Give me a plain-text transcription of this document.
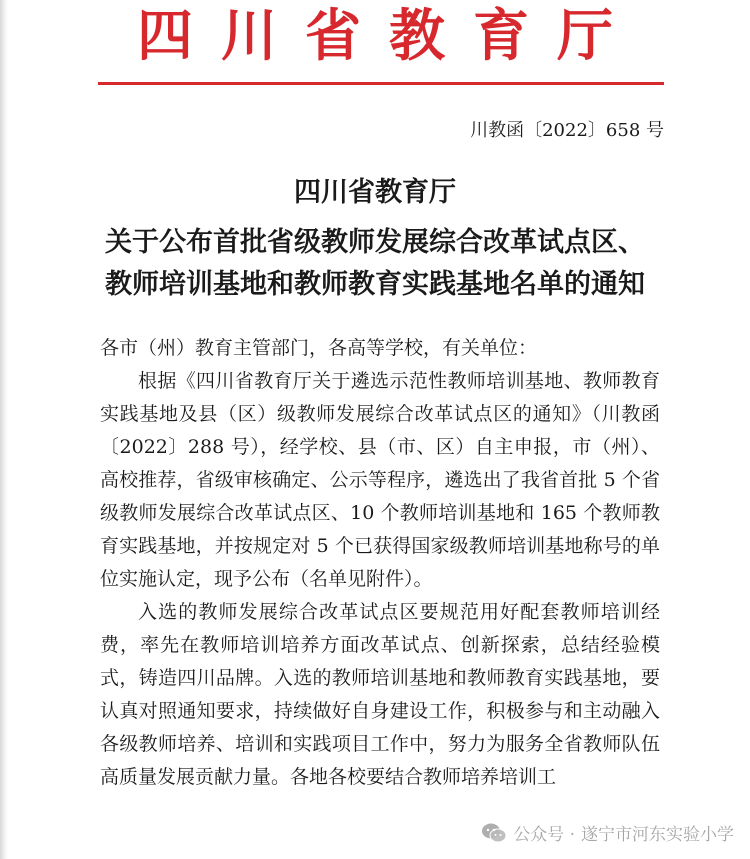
四川省教育厅
川教函〔2022〕658 号
四川省教育厅
关于公布首批省级教师发展综合改革试点区、
教师培训基地和教师教育实践基地名单的通知

各市（州）教育主管部门，各高等学校，有关单位：

根据《四川省教育厅关于遴选示范性教师培训基地、教师教育实践基地及县（区）级教师发展综合改革试点区的通知》（川教函〔2022〕288 号），经学校、县（市、区）自主申报，市（州）、高校推荐，省级审核确定、公示等程序，遴选出了我省首批 5 个省级教师发展综合改革试点区、10 个教师培训基地和 165 个教师教育实践基地，并按规定对 5 个已获得国家级教师培训基地称号的单位实施认定，现予公布（名单见附件）。

入选的教师发展综合改革试点区要规范用好配套教师培训经费，率先在教师培训培养方面改革试点、创新探索，总结经验模式，铸造四川品牌。入选的教师培训基地和教师教育实践基地，要认真对照通知要求，持续做好自身建设工作，积极参与和主动融入各级教师培养、培训和实践项目工作中，努力为服务全省教师队伍高质量发展贡献力量。各地各校要结合教师培养培训工

公众号 · 遂宁市河东实验小学
